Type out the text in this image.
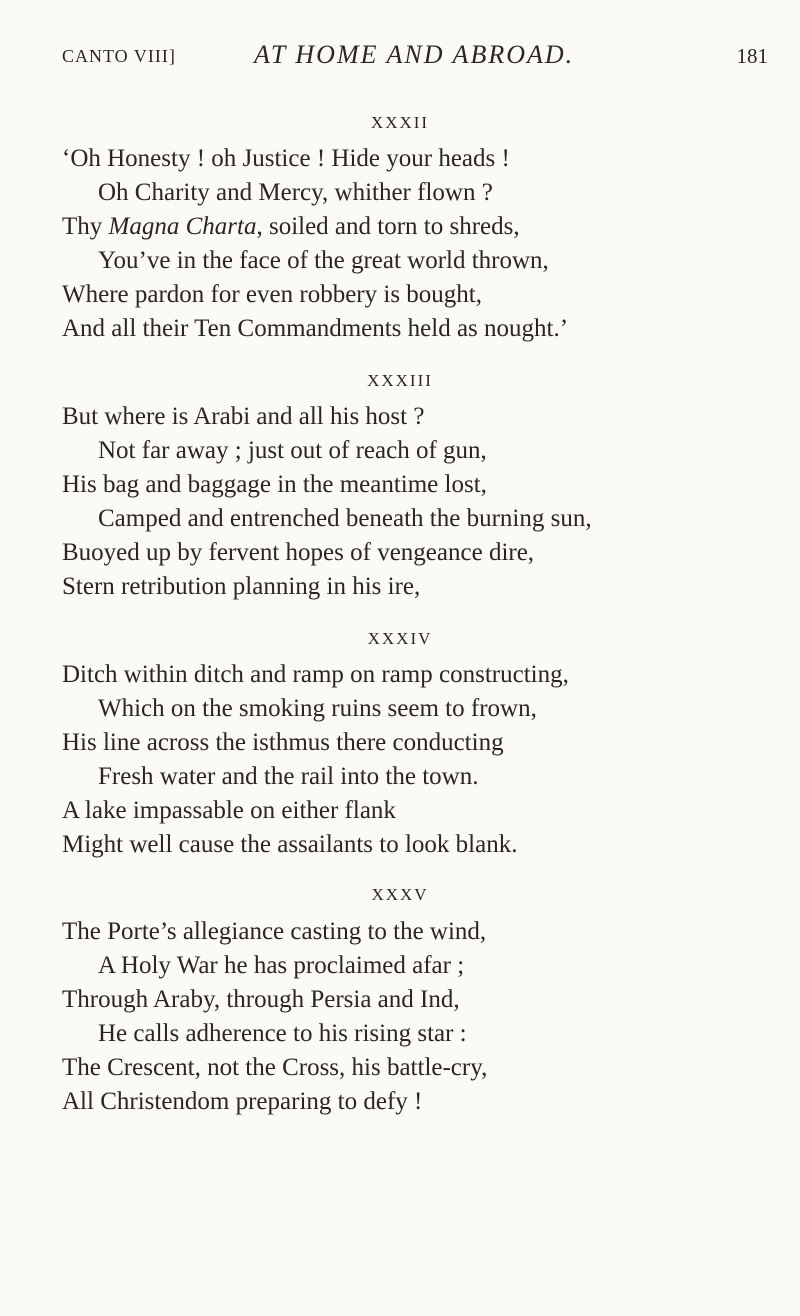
CANTO VIII]	AT HOME AND ABROAD.	181
XXXII
‘Oh Honesty ! oh Justice ! Hide your heads !
Oh Charity and Mercy, whither flown ?
Thy Magna Charta, soiled and torn to shreds,
You’ve in the face of the great world thrown,
Where pardon for even robbery is bought,
And all their Ten Commandments held as nought.’
XXXIII
But where is Arabi and all his host ?
Not far away ; just out of reach of gun,
His bag and baggage in the meantime lost,
Camped and entrenched beneath the burning sun,
Buoyed up by fervent hopes of vengeance dire,
Stern retribution planning in his ire,
XXXIV
Ditch within ditch and ramp on ramp constructing,
Which on the smoking ruins seem to frown,
His line across the isthmus there conducting
Fresh water and the rail into the town.
A lake impassable on either flank
Might well cause the assailants to look blank.
XXXV
The Porte’s allegiance casting to the wind,
A Holy War he has proclaimed afar ;
Through Araby, through Persia and Ind,
He calls adherence to his rising star :
The Crescent, not the Cross, his battle-cry,
All Christendom preparing to defy !
